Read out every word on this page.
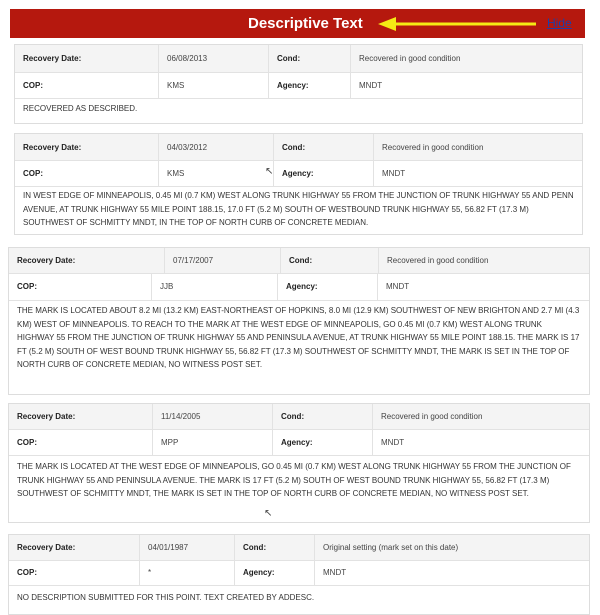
Descriptive Text	Hide
Recovery Date:	06/08/2013	Cond:	Recovered in good condition
COP:	KMS	Agency:	MNDT
RECOVERED AS DESCRIBED.
Recovery Date:	04/03/2012	Cond:	Recovered in good condition
COP:	KMS	Agency:	MNDT
IN WEST EDGE OF MINNEAPOLIS, 0.45 MI (0.7 KM) WEST ALONG TRUNK HIGHWAY 55 FROM THE JUNCTION OF TRUNK HIGHWAY 55 AND PENN AVENUE, AT TRUNK HIGHWAY 55 MILE POINT 188.15, 17.0 FT (5.2 M) SOUTH OF WESTBOUND TRUNK HIGHWAY 55, 56.82 FT (17.3 M) SOUTHWEST OF SCHMITTY MNDT, IN THE TOP OF NORTH CURB OF CONCRETE MEDIAN.
↖
Recovery Date:	07/17/2007	Cond:	Recovered in good condition
COP:	JJB	Agency:	MNDT
THE MARK IS LOCATED ABOUT 8.2 MI (13.2 KM) EAST-NORTHEAST OF HOPKINS, 8.0 MI (12.9 KM) SOUTHWEST OF NEW BRIGHTON AND 2.7 MI (4.3 KM) WEST OF MINNEAPOLIS. TO REACH TO THE MARK AT THE WEST EDGE OF MINNEAPOLIS, GO 0.45 MI (0.7 KM) WEST ALONG TRUNK HIGHWAY 55 FROM THE JUNCTION OF TRUNK HIGHWAY 55 AND PENINSULA AVENUE, AT TRUNK HIGHWAY 55 MILE POINT 188.15. THE MARK IS 17 FT (5.2 M) SOUTH OF WEST BOUND TRUNK HIGHWAY 55, 56.82 FT (17.3 M) SOUTHWEST OF SCHMITTY MNDT, THE MARK IS SET IN THE TOP OF NORTH CURB OF CONCRETE MEDIAN, NO WITNESS POST SET.
Recovery Date:	11/14/2005	Cond:	Recovered in good condition
COP:	MPP	Agency:	MNDT
THE MARK IS LOCATED AT THE WEST EDGE OF MINNEAPOLIS, GO 0.45 MI (0.7 KM) WEST ALONG TRUNK HIGHWAY 55 FROM THE JUNCTION OF TRUNK HIGHWAY 55 AND PENINSULA AVENUE. THE MARK IS 17 FT (5.2 M) SOUTH OF WEST BOUND TRUNK HIGHWAY 55, 56.82 FT (17.3 M) SOUTHWEST OF SCHMITTY MNDT, THE MARK IS SET IN THE TOP OF NORTH CURB OF CONCRETE MEDIAN, NO WITNESS POST SET.
↖
Recovery Date:	04/01/1987	Cond:	Original setting (mark set on this date)
COP:	*	Agency:	MNDT
NO DESCRIPTION SUBMITTED FOR THIS POINT. TEXT CREATED BY ADDESC.
